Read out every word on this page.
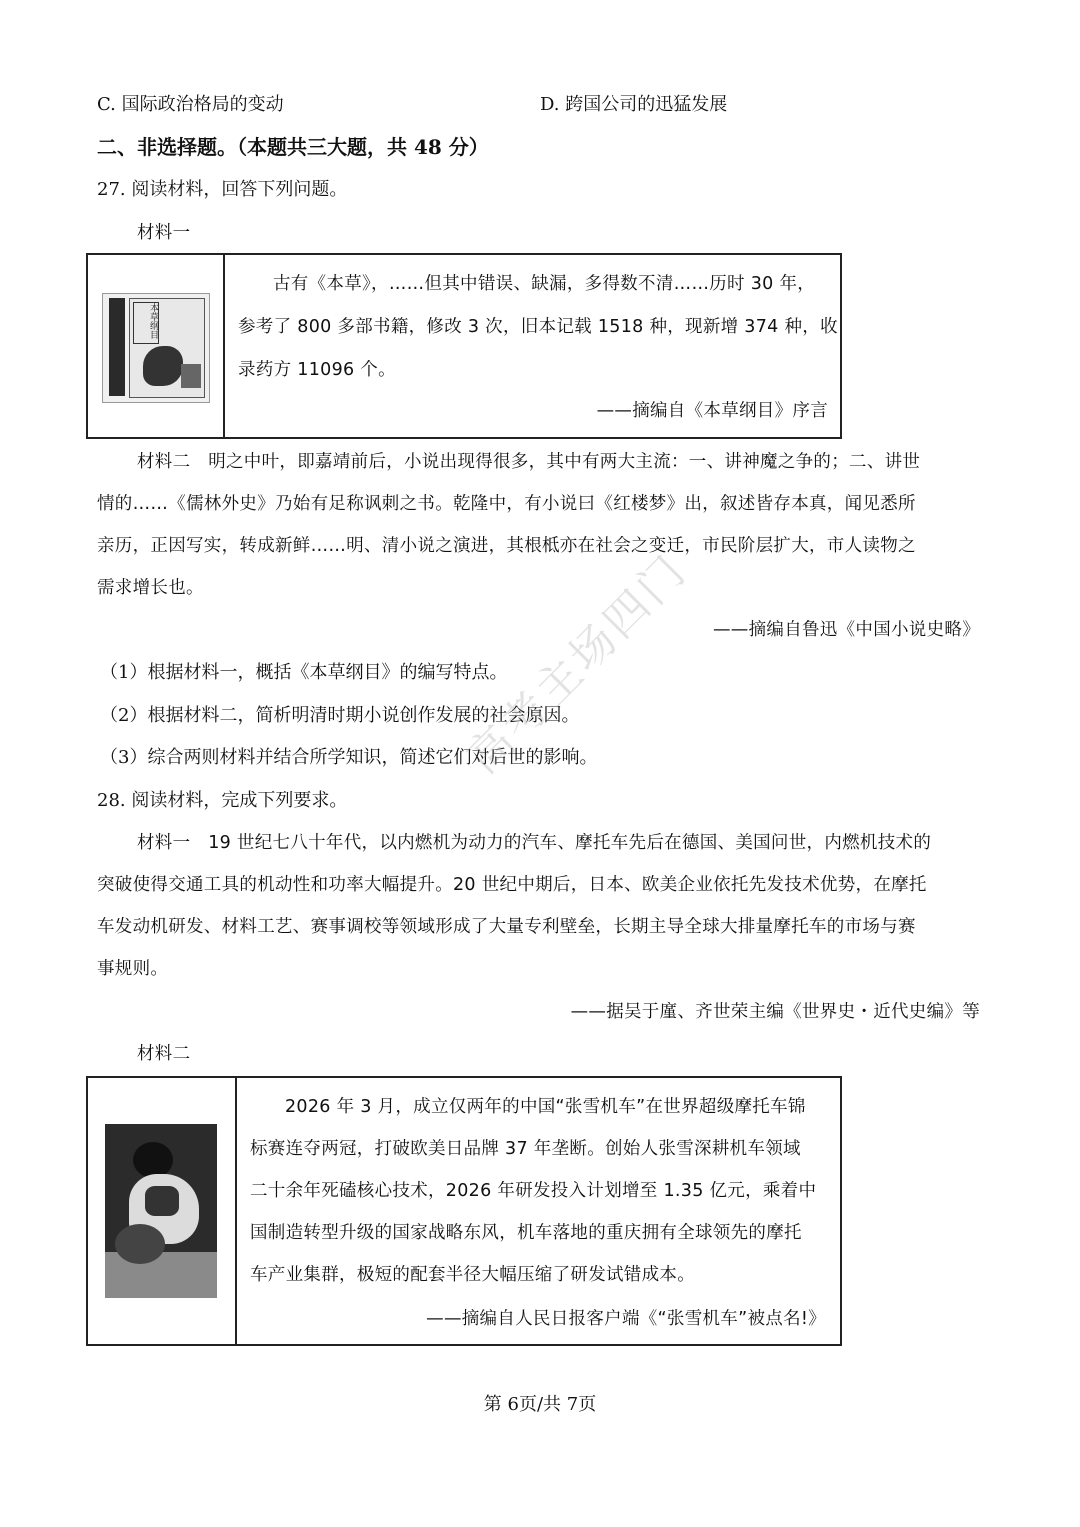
C. 国际政治格局的变动	D. 跨国公司的迅猛发展
二、非选择题。（本题共三大题，共 48 分）
27. 阅读材料，回答下列问题。
材料一
本草纲目
古有《本草》，……但其中错误、缺漏，多得数不清……历时 30 年，
参考了 800 多部书籍，修改 3 次，旧本记载 1518 种，现新增 374 种，收
录药方 11096 个。
——摘编自《本草纲目》序言
材料二　明之中叶，即嘉靖前后，小说出现得很多，其中有两大主流：一、讲神魔之争的；二、讲世
情的……《儒林外史》乃始有足称讽刺之书。乾隆中，有小说曰《红楼梦》出，叙述皆存本真，闻见悉所
亲历，正因写实，转成新鲜……明、清小说之演进，其根柢亦在社会之变迁，市民阶层扩大，市人读物之
需求增长也。
——摘编自鲁迅《中国小说史略》
（1）根据材料一，概括《本草纲目》的编写特点。
（2）根据材料二，简析明清时期小说创作发展的社会原因。
（3）综合两则材料并结合所学知识，简述它们对后世的影响。
28. 阅读材料，完成下列要求。
材料一　19 世纪七八十年代，以内燃机为动力的汽车、摩托车先后在德国、美国问世，内燃机技术的
突破使得交通工具的机动性和功率大幅提升。20 世纪中期后，日本、欧美企业依托先发技术优势，在摩托
车发动机研发、材料工艺、赛事调校等领域形成了大量专利壁垒，长期主导全球大排量摩托车的市场与赛
事规则。
——据吴于廑、齐世荣主编《世界史・近代史编》等
材料二
2026 年 3 月，成立仅两年的中国“张雪机车”在世界超级摩托车锦
标赛连夺两冠，打破欧美日品牌 37 年垄断。创始人张雪深耕机车领域
二十余年死磕核心技术，2026 年研发投入计划增至 1.35 亿元，乘着中
国制造转型升级的国家战略东风，机车落地的重庆拥有全球领先的摩托
车产业集群，极短的配套半径大幅压缩了研发试错成本。
——摘编自人民日报客户端《“张雪机车”被点名!》
高考主场四门
第 6页/共 7页
